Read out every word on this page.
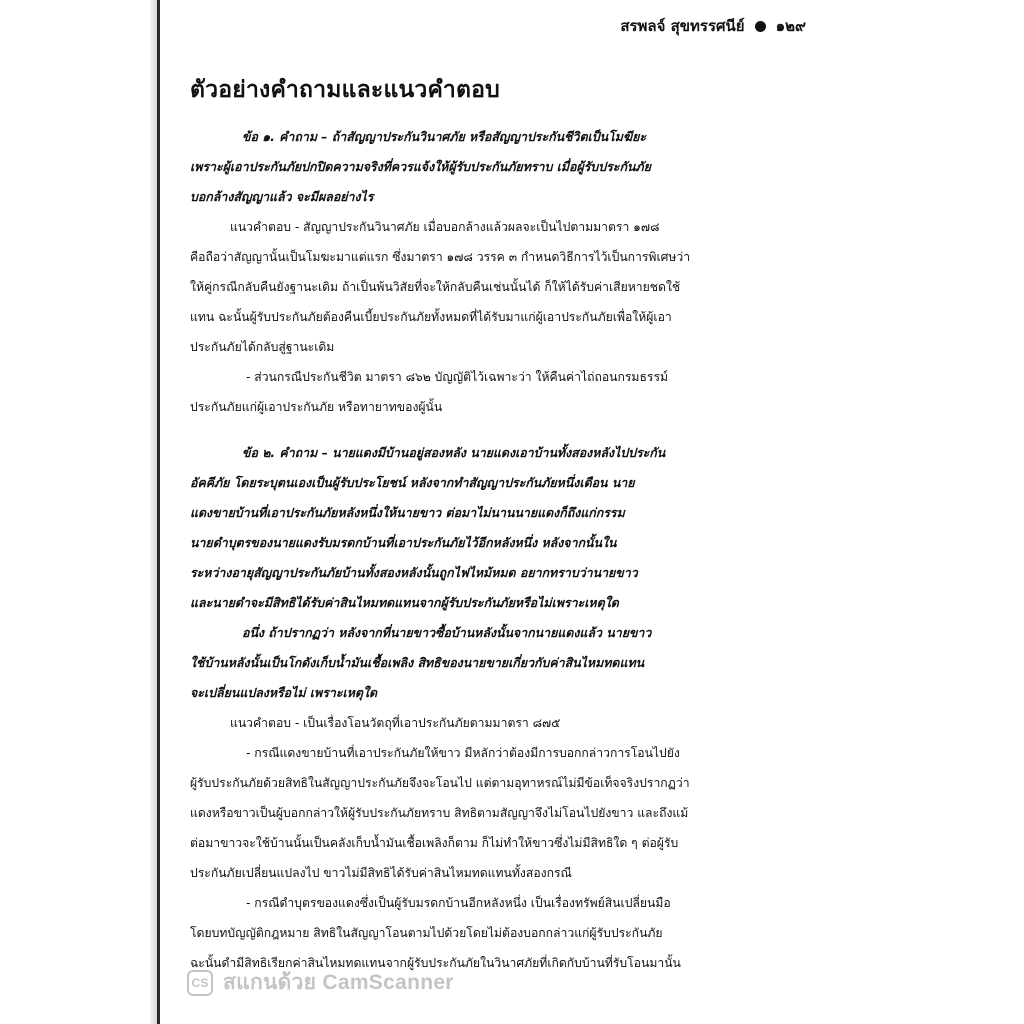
สรพลจ์ สุขทรรศนีย์ ๑๒๙
ตัวอย่างคำถามและแนวคำตอบ

ข้อ ๑. คำถาม – ถ้าสัญญาประกันวินาศภัย หรือสัญญาประกันชีวิตเป็นโมฆียะ

เพราะผู้เอาประกันภัยปกปิดความจริงที่ควรแจ้งให้ผู้รับประกันภัยทราบ เมื่อผู้รับประกันภัย

บอกล้างสัญญาแล้ว จะมีผลอย่างไร

แนวคำตอบ - สัญญาประกันวินาศภัย เมื่อบอกล้างแล้วผลจะเป็นไปตามมาตรา ๑๗๘

คือถือว่าสัญญานั้นเป็นโมฆะมาแต่แรก ซึ่งมาตรา ๑๗๘ วรรค ๓ กำหนดวิธีการไว้เป็นการพิเศษว่า

ให้คู่กรณีกลับคืนยังฐานะเดิม ถ้าเป็นพ้นวิสัยที่จะให้กลับคืนเช่นนั้นได้ ก็ให้ได้รับค่าเสียหายชดใช้

แทน ฉะนั้นผู้รับประกันภัยต้องคืนเบี้ยประกันภัยทั้งหมดที่ได้รับมาแก่ผู้เอาประกันภัยเพื่อให้ผู้เอา

ประกันภัยได้กลับสู่ฐานะเดิม

- ส่วนกรณีประกันชีวิต มาตรา ๘๖๒ บัญญัติไว้เฉพาะว่า ให้คืนค่าไถ่ถอนกรมธรรม์

ประกันภัยแก่ผู้เอาประกันภัย หรือทายาทของผู้นั้น

ข้อ ๒. คำถาม – นายแดงมีบ้านอยู่สองหลัง นายแดงเอาบ้านทั้งสองหลังไปประกัน

อัคคีภัย โดยระบุตนเองเป็นผู้รับประโยชน์ หลังจากทำสัญญาประกันภัยหนึ่งเดือน นาย

แดงขายบ้านที่เอาประกันภัยหลังหนึ่งให้นายขาว ต่อมาไม่นานนายแดงก็ถึงแก่กรรม

นายดำบุตรของนายแดงรับมรดกบ้านที่เอาประกันภัยไว้อีกหลังหนึ่ง หลังจากนั้นใน

ระหว่างอายุสัญญาประกันภัยบ้านทั้งสองหลังนั้นถูกไฟไหม้หมด อยากทราบว่านายขาว

และนายดำจะมีสิทธิได้รับค่าสินไหมทดแทนจากผู้รับประกันภัยหรือไม่เพราะเหตุใด

อนึ่ง ถ้าปรากฏว่า หลังจากที่นายขาวซื้อบ้านหลังนั้นจากนายแดงแล้ว นายขาว

ใช้บ้านหลังนั้นเป็นโกดังเก็บน้ำมันเชื้อเพลิง สิทธิของนายขายเกี่ยวกับค่าสินไหมทดแทน

จะเปลี่ยนแปลงหรือไม่ เพราะเหตุใด

แนวคำตอบ - เป็นเรื่องโอนวัตถุที่เอาประกันภัยตามมาตรา ๘๗๕

- กรณีแดงขายบ้านที่เอาประกันภัยให้ขาว มีหลักว่าต้องมีการบอกกล่าวการโอนไปยัง

ผู้รับประกันภัยด้วยสิทธิในสัญญาประกันภัยจึงจะโอนไป แต่ตามอุทาหรณ์ไม่มีข้อเท็จจริงปรากฏว่า

แดงหรือขาวเป็นผู้บอกกล่าวให้ผู้รับประกันภัยทราบ สิทธิตามสัญญาจึงไม่โอนไปยังขาว และถึงแม้

ต่อมาขาวจะใช้บ้านนั้นเป็นคลังเก็บน้ำมันเชื้อเพลิงก็ตาม ก็ไม่ทำให้ขาวซึ่งไม่มีสิทธิใด ๆ ต่อผู้รับ

ประกันภัยเปลี่ยนแปลงไป ขาวไม่มีสิทธิได้รับค่าสินไหมทดแทนทั้งสองกรณี

- กรณีดำบุตรของแดงซึ่งเป็นผู้รับมรดกบ้านอีกหลังหนึ่ง เป็นเรื่องทรัพย์สินเปลี่ยนมือ

โดยบทบัญญัติกฎหมาย สิทธิในสัญญาโอนตามไปด้วยโดยไม่ต้องบอกกล่าวแก่ผู้รับประกันภัย

ฉะนั้นดำมีสิทธิเรียกค่าสินไหมทดแทนจากผู้รับประกันภัยในวินาศภัยที่เกิดกับบ้านที่รับโอนมานั้น

CS สแกนด้วย CamScanner
